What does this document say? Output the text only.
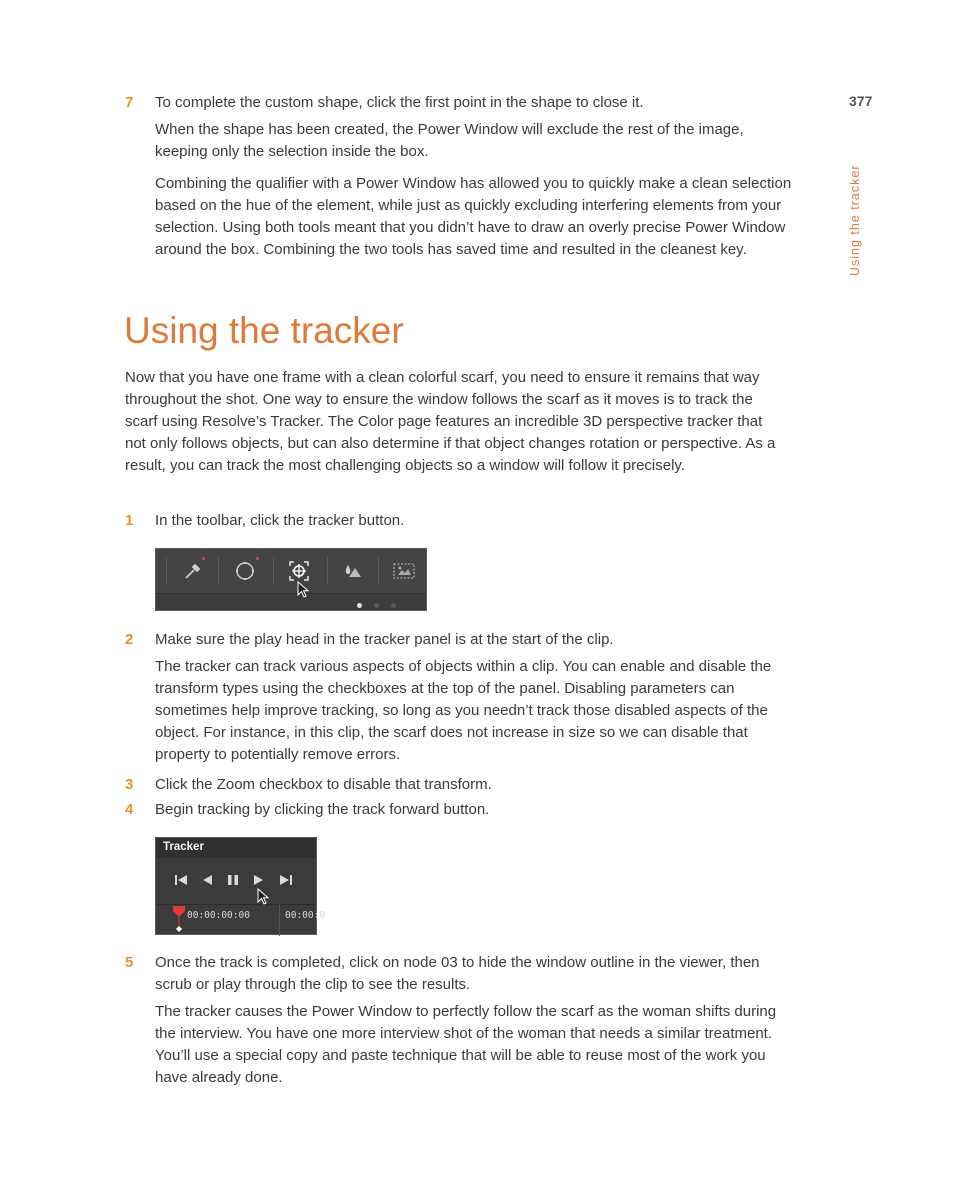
377
Using the tracker
7 To complete the custom shape, click the first point in the shape to close it.
When the shape has been created, the Power Window will exclude the rest of the image, keeping only the selection inside the box.
Combining the qualifier with a Power Window has allowed you to quickly make a clean selection based on the hue of the element, while just as quickly excluding interfering elements from your selection. Using both tools meant that you didn’t have to draw an overly precise Power Window around the box. Combining the two tools has saved time and resulted in the cleanest key.
Using the tracker
Now that you have one frame with a clean colorful scarf, you need to ensure it remains that way throughout the shot. One way to ensure the window follows the scarf as it moves is to track the scarf using Resolve’s Tracker. The Color page features an incredible 3D perspective tracker that not only follows objects, but can also determine if that object changes rotation or perspective. As a result, you can track the most challenging objects so a window will follow it precisely.
1 In the toolbar, click the tracker button.
2 Make sure the play head in the tracker panel is at the start of the clip.
The tracker can track various aspects of objects within a clip. You can enable and disable the transform types using the checkboxes at the top of the panel. Disabling parameters can sometimes help improve tracking, so long as you needn’t track those disabled aspects of the object. For instance, in this clip, the scarf does not increase in size so we can disable that property to potentially remove errors.
3 Click the Zoom checkbox to disable that transform.
4 Begin tracking by clicking the track forward button.
Tracker
00:00:00:00	00:00:0
5 Once the track is completed, click on node 03 to hide the window outline in the viewer, then scrub or play through the clip to see the results.
The tracker causes the Power Window to perfectly follow the scarf as the woman shifts during the interview. You have one more interview shot of the woman that needs a similar treatment. You’ll use a special copy and paste technique that will be able to reuse most of the work you have already done.
